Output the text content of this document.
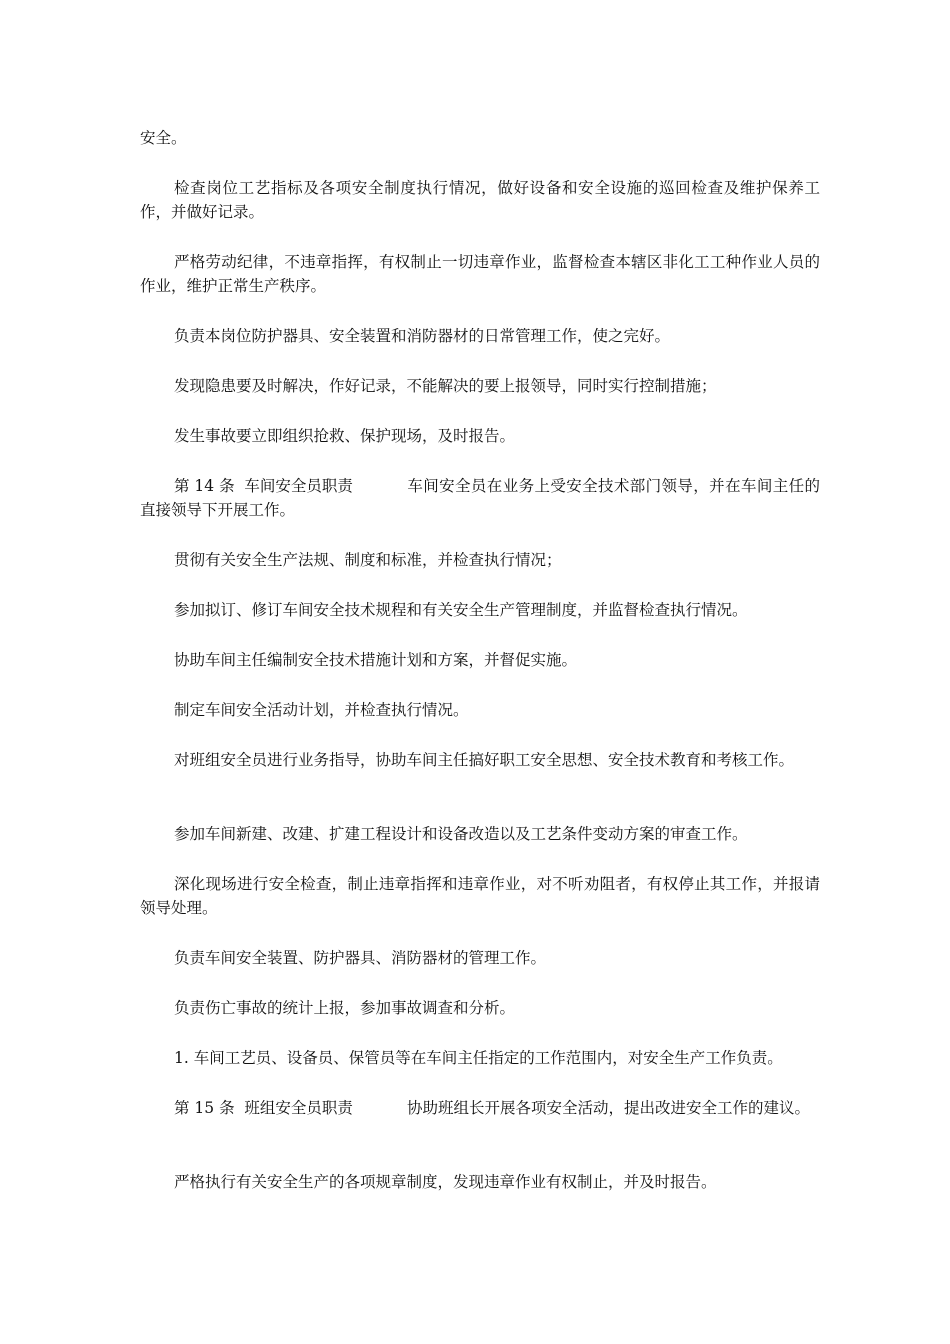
安全。

检查岗位工艺指标及各项安全制度执行情况，做好设备和安全设施的巡回检查及维护保养工作，并做好记录。

严格劳动纪律，不违章指挥，有权制止一切违章作业，监督检查本辖区非化工工种作业人员的作业，维护正常生产秩序。

负责本岗位防护器具、安全装置和消防器材的日常管理工作，使之完好。

发现隐患要及时解决，作好记录，不能解决的要上报领导，同时实行控制措施；

发生事故要立即组织抢救、保护现场，及时报告。

第 14 条  车间安全员职责	车间安全员在业务上受安全技术部门领导，并在车间主任的直接领导下开展工作。

贯彻有关安全生产法规、制度和标准，并检查执行情况；

参加拟订、修订车间安全技术规程和有关安全生产管理制度，并监督检查执行情况。

协助车间主任编制安全技术措施计划和方案，并督促实施。

制定车间安全活动计划，并检查执行情况。

对班组安全员进行业务指导，协助车间主任搞好职工安全思想、安全技术教育和考核工作。

参加车间新建、改建、扩建工程设计和设备改造以及工艺条件变动方案的审查工作。

深化现场进行安全检查，制止违章指挥和违章作业，对不听劝阻者，有权停止其工作，并报请领导处理。

负责车间安全装置、防护器具、消防器材的管理工作。

负责伤亡事故的统计上报，参加事故调查和分析。

1. 车间工艺员、设备员、保管员等在车间主任指定的工作范围内，对安全生产工作负责。

第 15 条  班组安全员职责	协助班组长开展各项安全活动，提出改进安全工作的建议。

严格执行有关安全生产的各项规章制度，发现违章作业有权制止，并及时报告。
